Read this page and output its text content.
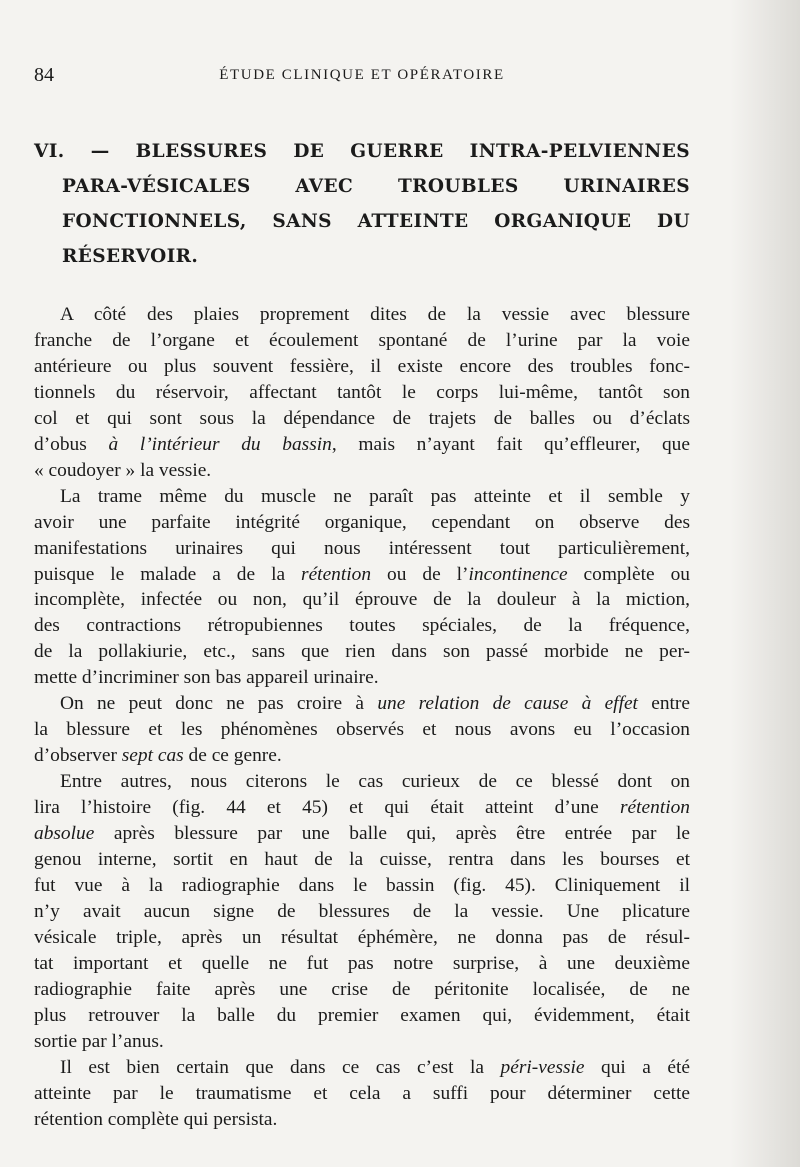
84	ÉTUDE CLINIQUE ET OPÉRATOIRE
VI. — BLESSURES DE GUERRE INTRA-PELVIENNES
PARA-VÉSICALES AVEC TROUBLES URINAIRES
FONCTIONNELS, SANS ATTEINTE ORGANIQUE DU
RÉSERVOIR.

A côté des plaies proprement dites de la vessie avec blessure
franche de l’organe et écoulement spontané de l’urine par la voie
antérieure ou plus souvent fessière, il existe encore des troubles fonc-
tionnels du réservoir, affectant tantôt le corps lui-même, tantôt son
col et qui sont sous la dépendance de trajets de balles ou d’éclats
d’obus à l’intérieur du bassin, mais n’ayant fait qu’effleurer, que
« coudoyer » la vessie.

La trame même du muscle ne paraît pas atteinte et il semble y
avoir une parfaite intégrité organique, cependant on observe des
manifestations urinaires qui nous intéressent tout particulièrement,
puisque le malade a de la rétention ou de l’incontinence complète ou
incomplète, infectée ou non, qu’il éprouve de la douleur à la miction,
des contractions rétropubiennes toutes spéciales, de la fréquence,
de la pollakiurie, etc., sans que rien dans son passé morbide ne per-
mette d’incriminer son bas appareil urinaire.

On ne peut donc ne pas croire à une relation de cause à effet entre
la blessure et les phénomènes observés et nous avons eu l’occasion
d’observer sept cas de ce genre.

Entre autres, nous citerons le cas curieux de ce blessé dont on
lira l’histoire (fig. 44 et 45) et qui était atteint d’une rétention
absolue après blessure par une balle qui, après être entrée par le
genou interne, sortit en haut de la cuisse, rentra dans les bourses et
fut vue à la radiographie dans le bassin (fig. 45). Cliniquement il
n’y avait aucun signe de blessures de la vessie. Une plicature
vésicale triple, après un résultat éphémère, ne donna pas de résul-
tat important et quelle ne fut pas notre surprise, à une deuxième
radiographie faite après une crise de péritonite localisée, de ne
plus retrouver la balle du premier examen qui, évidemment, était
sortie par l’anus.

Il est bien certain que dans ce cas c’est la péri-vessie qui a été
atteinte par le traumatisme et cela a suffi pour déterminer cette
rétention complète qui persista.
